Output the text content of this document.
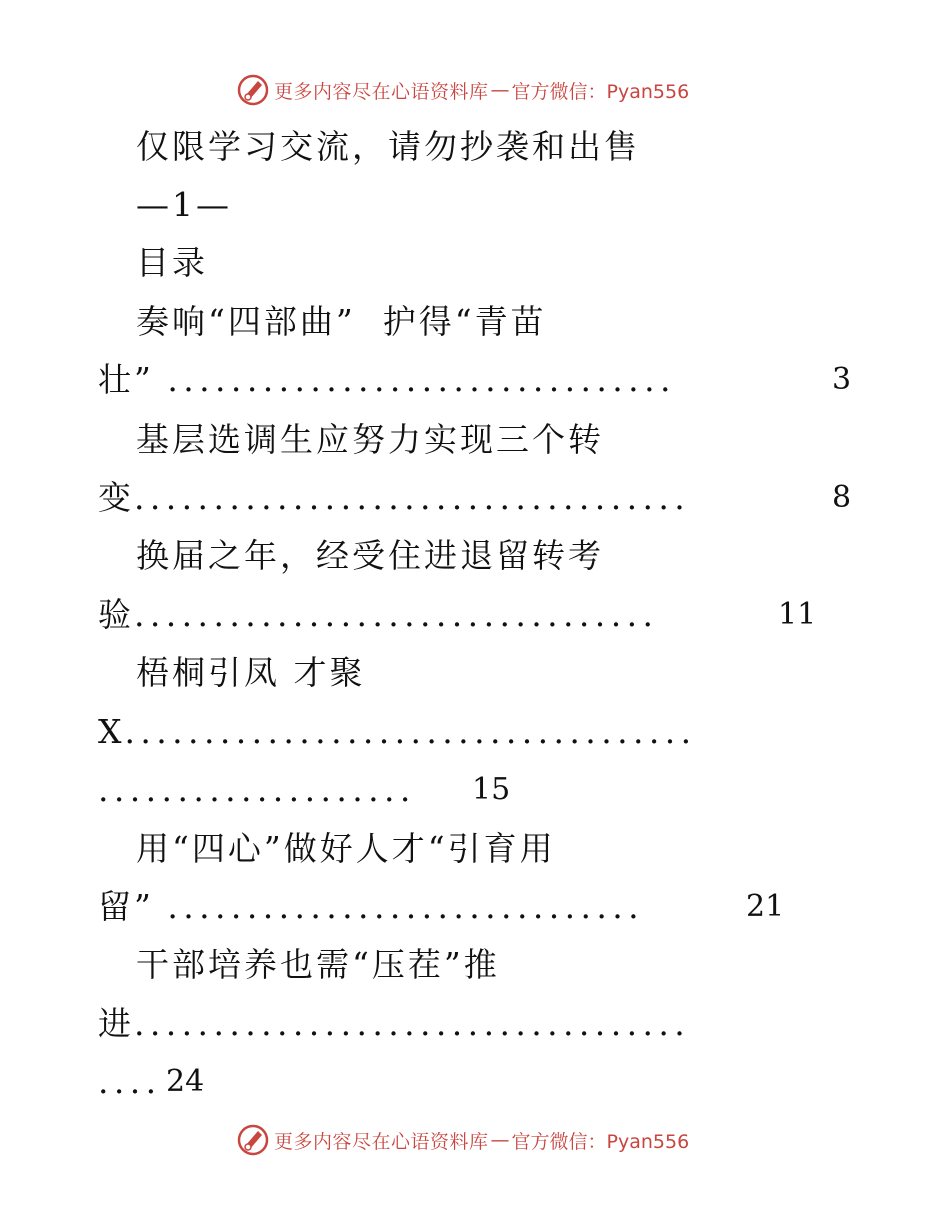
更多内容尽在心语资料库 — 官方微信：Pyan556
仅限学习交流，请勿抄袭和出售
—1—
目录
奏响“四部曲”  护得“青苗
壮” ................................	3
基层选调生应努力实现三个转
变...................................	8
换届之年，经受住进退留转考
验.................................	11
梧桐引凤 才聚
X....................................
.................... 15
用“四心”做好人才“引育用
留” ..............................	21
干部培养也需“压茬”推
进...................................
.... 24
更多内容尽在心语资料库 — 官方微信：Pyan556
